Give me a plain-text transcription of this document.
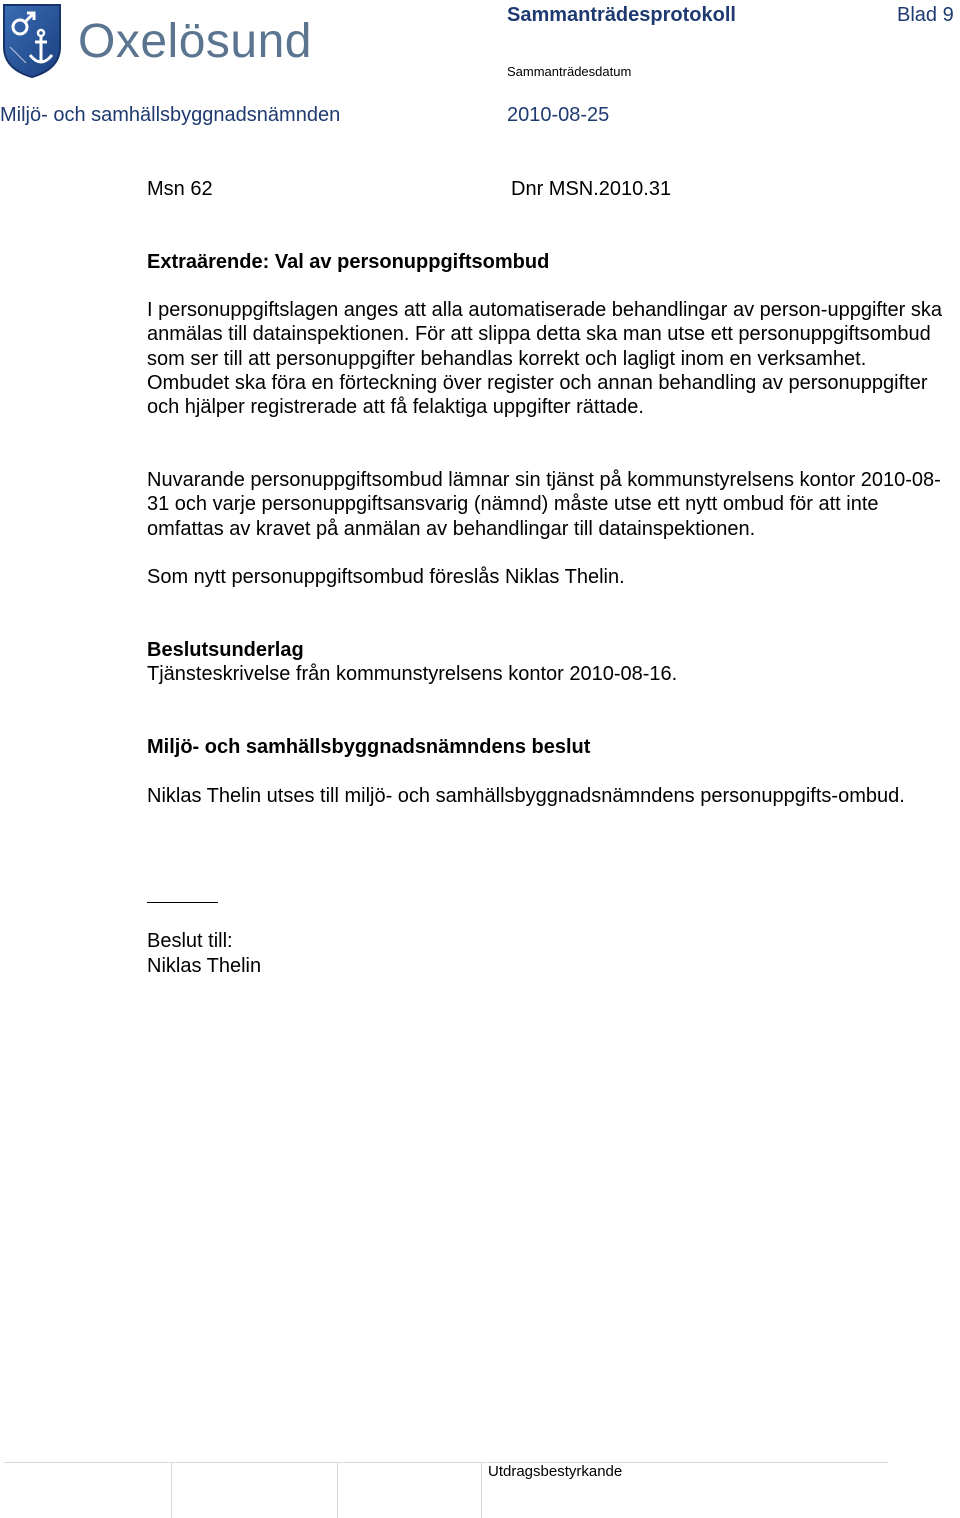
Oxelösund	Sammanträdesprotokoll	Blad 9
Sammanträdesdatum
Miljö- och samhällsbyggnadsnämnden	2010-08-25
Msn 62	Dnr MSN.2010.31
Extraärende: Val av personuppgiftsombud
I personuppgiftslagen anges att alla automatiserade behandlingar av person-uppgifter ska anmälas till datainspektionen. För att slippa detta ska man utse ett personuppgiftsombud som ser till att personuppgifter behandlas korrekt och lagligt inom en verksamhet. Ombudet ska föra en förteckning över register och annan behandling av personuppgifter och hjälper registrerade att få felaktiga uppgifter rättade.
Nuvarande personuppgiftsombud lämnar sin tjänst på kommunstyrelsens kontor 2010-08-31 och varje personuppgiftsansvarig (nämnd) måste utse ett nytt ombud för att inte omfattas av kravet på anmälan av behandlingar till datainspektionen.
Som nytt personuppgiftsombud föreslås Niklas Thelin.
Beslutsunderlag
Tjänsteskrivelse från kommunstyrelsens kontor 2010-08-16.
Miljö- och samhällsbyggnadsnämndens beslut
Niklas Thelin utses till miljö- och samhällsbyggnadsnämndens personuppgifts-ombud.
Beslut till:
Niklas Thelin
Utdragsbestyrkande
